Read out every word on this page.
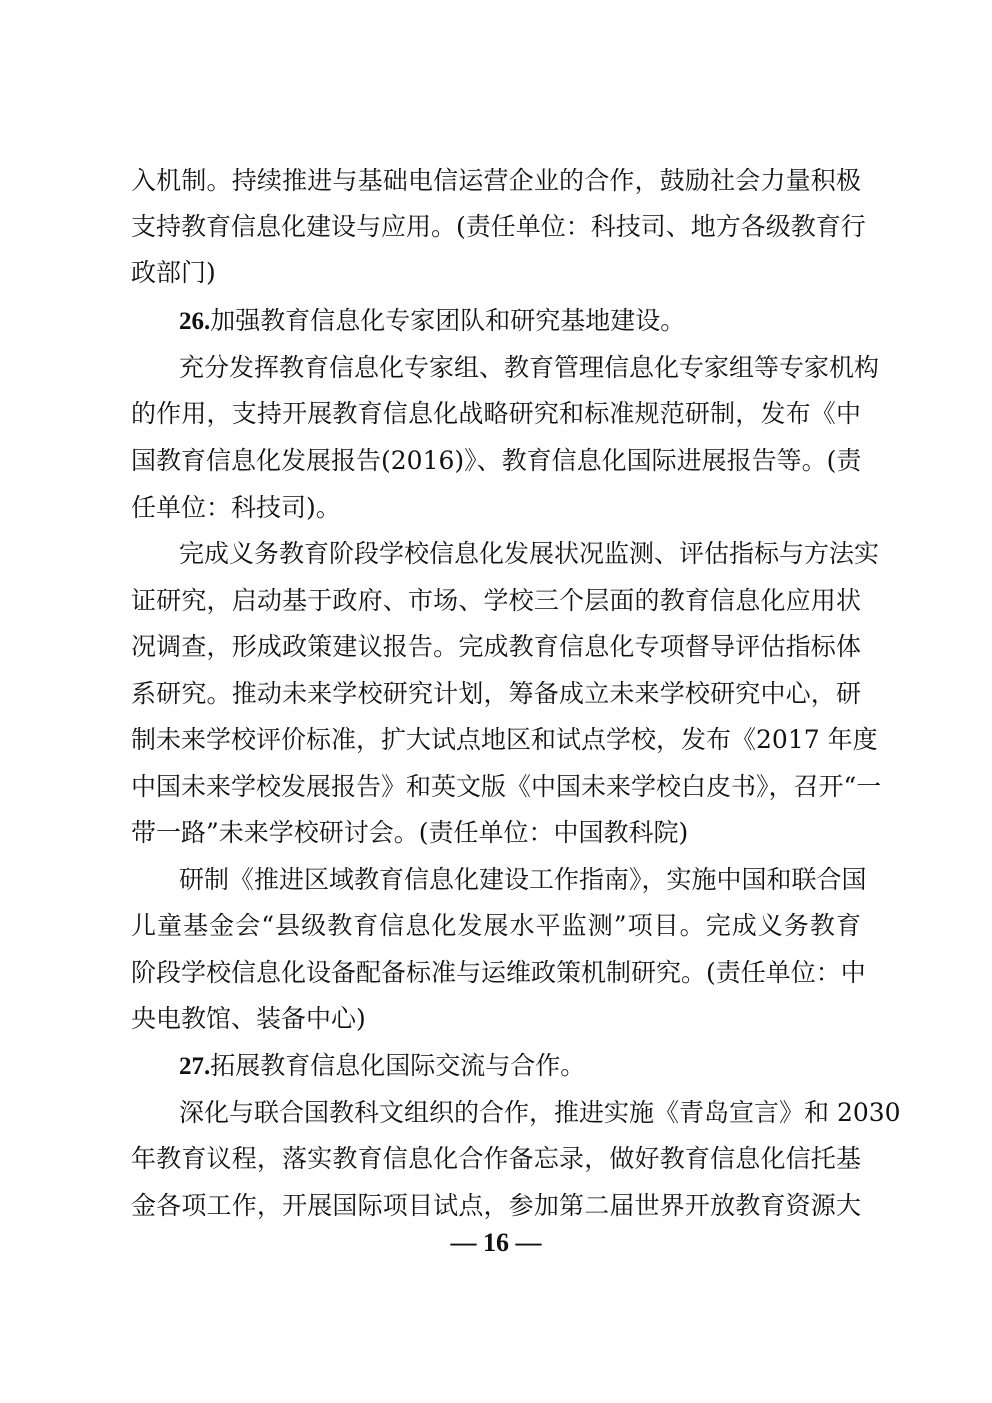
入机制。持续推进与基础电信运营企业的合作，鼓励社会力量积极
支持教育信息化建设与应用。(责任单位：科技司、地方各级教育行
政部门)
26.加强教育信息化专家团队和研究基地建设。
充分发挥教育信息化专家组、教育管理信息化专家组等专家机构
的作用，支持开展教育信息化战略研究和标准规范研制，发布《中
国教育信息化发展报告(2016)》、教育信息化国际进展报告等。(责
任单位：科技司)。
完成义务教育阶段学校信息化发展状况监测、评估指标与方法实
证研究，启动基于政府、市场、学校三个层面的教育信息化应用状
况调查，形成政策建议报告。完成教育信息化专项督导评估指标体
系研究。推动未来学校研究计划，筹备成立未来学校研究中心，研
制未来学校评价标准，扩大试点地区和试点学校，发布《2017 年度
中国未来学校发展报告》和英文版《中国未来学校白皮书》，召开“一
带一路”未来学校研讨会。(责任单位：中国教科院)
研制《推进区域教育信息化建设工作指南》，实施中国和联合国
儿童基金会“县级教育信息化发展水平监测”项目。完成义务教育
阶段学校信息化设备配备标准与运维政策机制研究。(责任单位：中
央电教馆、装备中心)
27.拓展教育信息化国际交流与合作。
深化与联合国教科文组织的合作，推进实施《青岛宣言》和 2030
年教育议程，落实教育信息化合作备忘录，做好教育信息化信托基
金各项工作，开展国际项目试点，参加第二届世界开放教育资源大
— 16 —
